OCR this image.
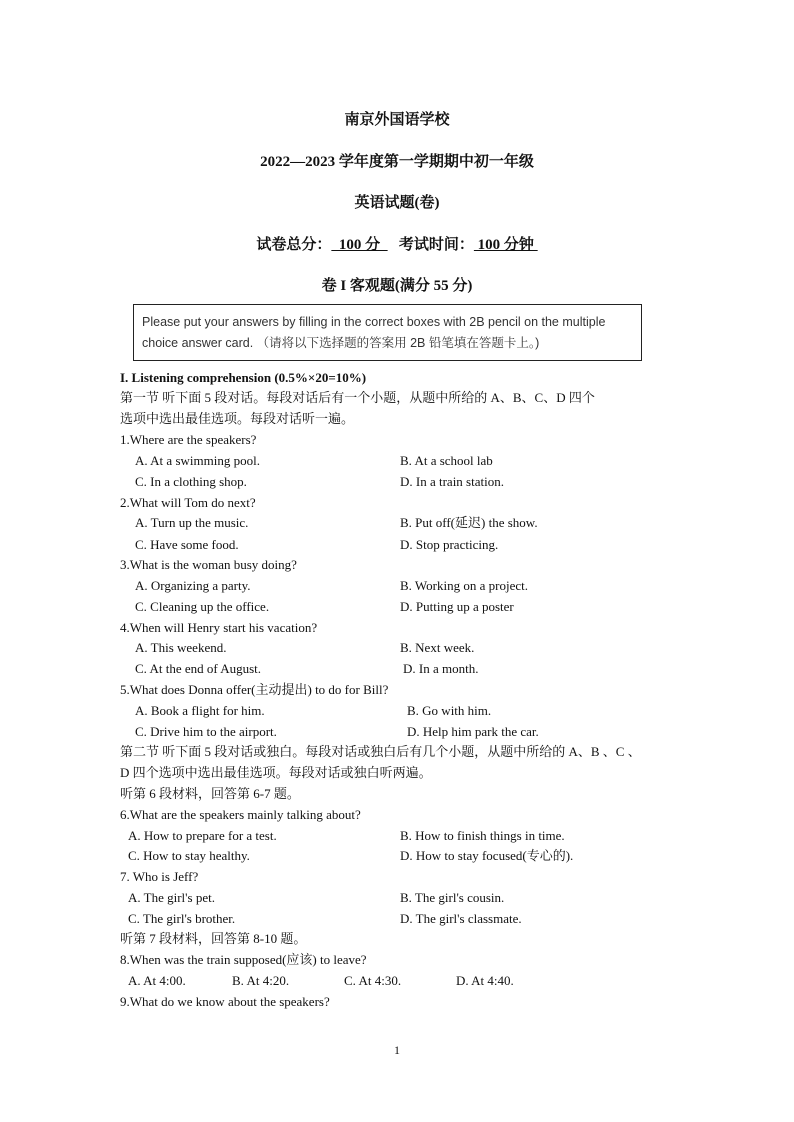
南京外国语学校
2022—2023 学年度第一学期期中初一年级
英语试题(卷)
试卷总分：  100 分     考试时间： 100 分钟
卷 I 客观题(满分 55 分)
Please put your answers by filling in the correct boxes with 2B pencil on the multiple choice answer card. （请将以下选择题的答案用 2B 铅笔填在答题卡上。)
I. Listening comprehension (0.5%×20=10%)
第一节 听下面 5 段对话。每段对话后有一个小题，从题中所给的 A、B、C、D 四个
选项中选出最佳选项。每段对话听一遍。
1.Where are the speakers?
A. At a swimming pool.	B. At a school lab
C. In a clothing shop.	D. In a train station.
2.What will Tom do next?
A. Turn up the music.	B. Put off(延迟) the show.
C. Have some food.	D. Stop practicing.
3.What is the woman busy doing?
A. Organizing a party.	B. Working on a project.
C. Cleaning up the office.	D. Putting up a poster
4.When will Henry start his vacation?
A. This weekend.	B. Next week.
C. At the end of August.	D. In a month.
5.What does Donna offer(主动提出) to do for Bill?
A. Book a flight for him.	B. Go with him.
C. Drive him to the airport.	D. Help him park the car.
第二节 听下面 5 段对话或独白。每段对话或独白后有几个小题，从题中所给的 A、B 、C 、
D 四个选项中选出最佳选项。每段对话或独白听两遍。
听第 6 段材料，回答第 6-7 题。
6.What are the speakers mainly talking about?
A. How to prepare for a test.	B. How to finish things in time.
C. How to stay healthy.	D. How to stay focused(专心的).
7. Who is Jeff?
A. The girl's pet.	B. The girl's cousin.
C. The girl's brother.	D. The girl's classmate.
听第 7 段材料，回答第 8-10 题。
8.When was the train supposed(应该) to leave?
A. At 4:00.	B. At 4:20.	C. At 4:30.	D. At 4:40.
9.What do we know about the speakers?
1
